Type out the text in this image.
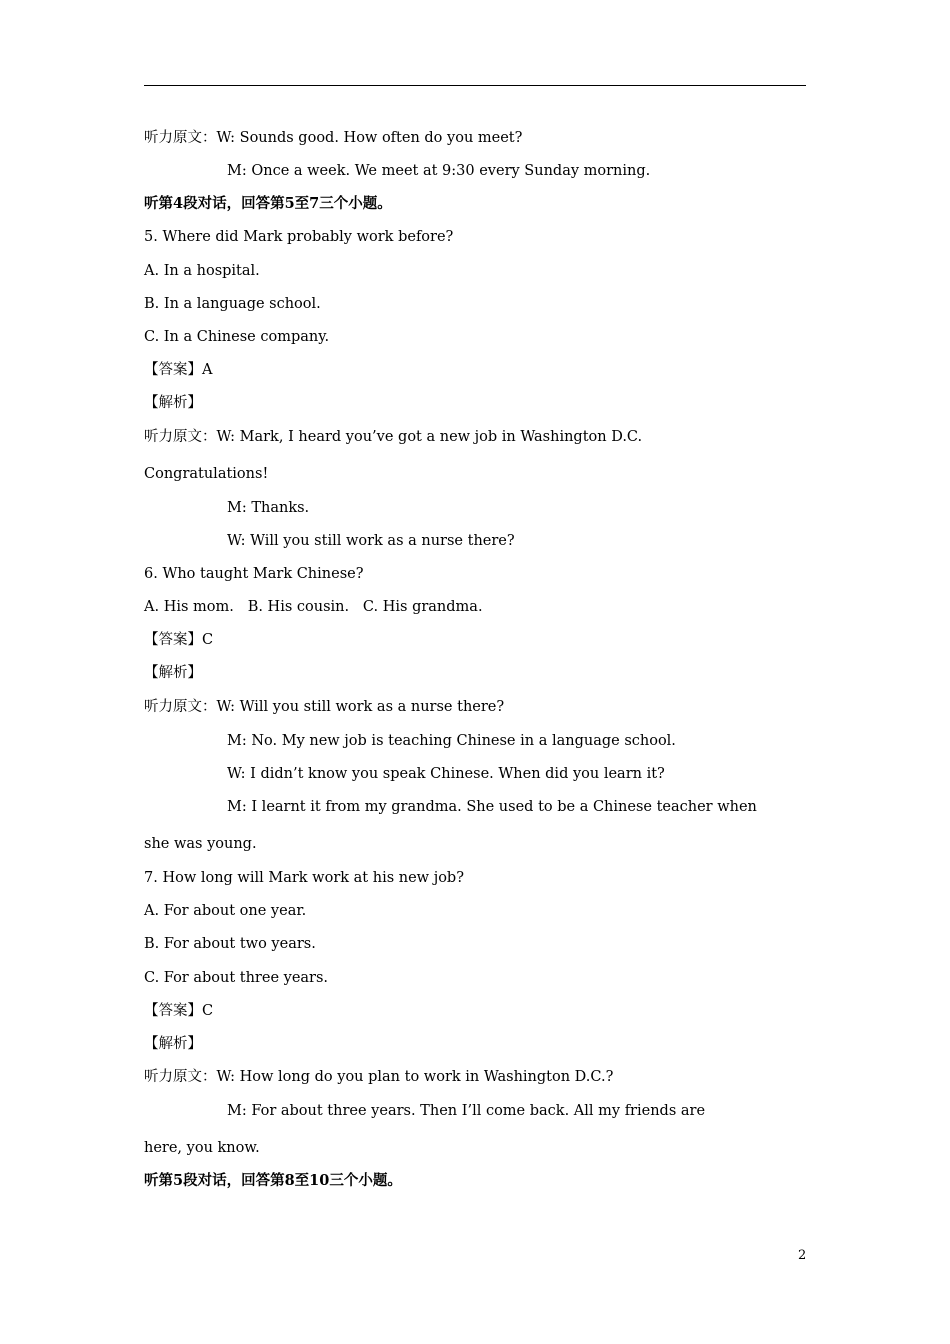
听力原文：W: Sounds good. How often do you meet?
M: Once a week. We meet at 9:30 every Sunday morning.
听第4段对话，回答第5至7三个小题。
5. Where did Mark probably work before?
A. In a hospital.
B. In a language school.
C. In a Chinese company.
【答案】A
【解析】
听力原文：W: Mark, I heard you’ve got a new job in Washington D.C.
Congratulations!
M: Thanks.
W: Will you still work as a nurse there?
6. Who taught Mark Chinese?
A. His mom.   B. His cousin.   C. His grandma.
【答案】C
【解析】
听力原文：W: Will you still work as a nurse there?
M: No. My new job is teaching Chinese in a language school.
W: I didn’t know you speak Chinese. When did you learn it?
M: I learnt it from my grandma. She used to be a Chinese teacher when
she was young.
7. How long will Mark work at his new job?
A. For about one year.
B. For about two years.
C. For about three years.
【答案】C
【解析】
听力原文：W: How long do you plan to work in Washington D.C.?
M: For about three years. Then I’ll come back. All my friends are
here, you know.
听第5段对话，回答第8至10三个小题。
2
